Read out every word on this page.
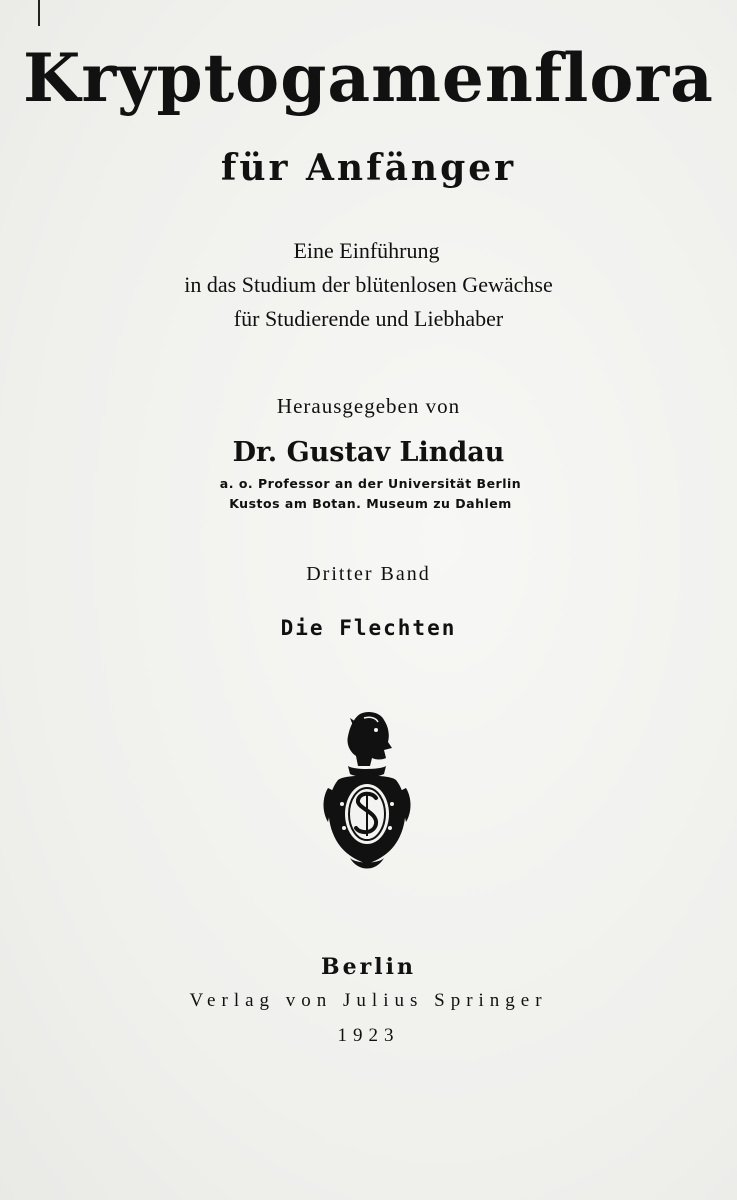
Kryptogamenflora
für Anfänger
Eine Einführung
in das Studium der blütenlosen Gewächse
für Studierende und Liebhaber
Herausgegeben von
Dr. Gustav Lindau
a. o. Professor an der Universität Berlin
Kustos am Botan. Museum zu Dahlem
Dritter Band
Die Flechten
Berlin
Verlag von Julius Springer
1923
